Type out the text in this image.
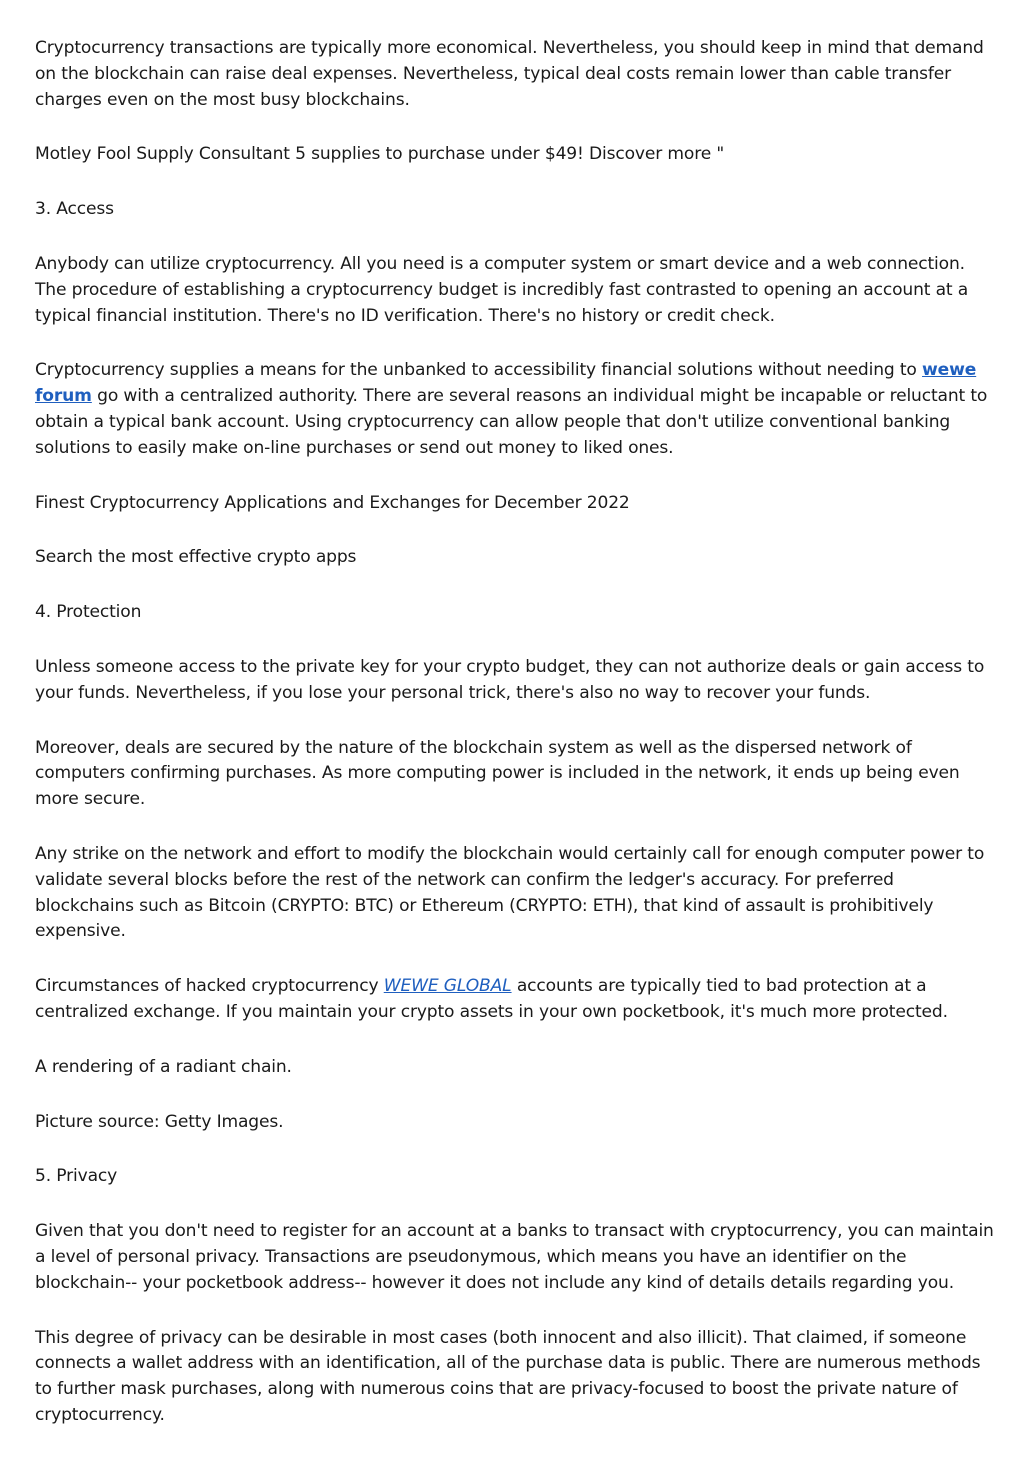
Cryptocurrency transactions are typically more economical. Nevertheless, you should keep in mind that demand on the blockchain can raise deal expenses. Nevertheless, typical deal costs remain lower than cable transfer charges even on the most busy blockchains.

Motley Fool Supply Consultant 5 supplies to purchase under $49! Discover more "

3. Access

Anybody can utilize cryptocurrency. All you need is a computer system or smart device and a web connection. The procedure of establishing a cryptocurrency budget is incredibly fast contrasted to opening an account at a typical financial institution. There's no ID verification. There's no history or credit check.

Cryptocurrency supplies a means for the unbanked to accessibility financial solutions without needing to wewe forum go with a centralized authority. There are several reasons an individual might be incapable or reluctant to obtain a typical bank account. Using cryptocurrency can allow people that don't utilize conventional banking solutions to easily make on-line purchases or send out money to liked ones.

Finest Cryptocurrency Applications and Exchanges for December 2022

Search the most effective crypto apps

4. Protection

Unless someone access to the private key for your crypto budget, they can not authorize deals or gain access to your funds. Nevertheless, if you lose your personal trick, there's also no way to recover your funds.

Moreover, deals are secured by the nature of the blockchain system as well as the dispersed network of computers confirming purchases. As more computing power is included in the network, it ends up being even more secure.

Any strike on the network and effort to modify the blockchain would certainly call for enough computer power to validate several blocks before the rest of the network can confirm the ledger's accuracy. For preferred blockchains such as Bitcoin (CRYPTO: BTC) or Ethereum (CRYPTO: ETH), that kind of assault is prohibitively expensive.

Circumstances of hacked cryptocurrency WEWE GLOBAL accounts are typically tied to bad protection at a centralized exchange. If you maintain your crypto assets in your own pocketbook, it's much more protected.

A rendering of a radiant chain.

Picture source: Getty Images.

5. Privacy

Given that you don't need to register for an account at a banks to transact with cryptocurrency, you can maintain a level of personal privacy. Transactions are pseudonymous, which means you have an identifier on the blockchain-- your pocketbook address-- however it does not include any kind of details details regarding you.

This degree of privacy can be desirable in most cases (both innocent and also illicit). That claimed, if someone connects a wallet address with an identification, all of the purchase data is public. There are numerous methods to further mask purchases, along with numerous coins that are privacy-focused to boost the private nature of cryptocurrency.
